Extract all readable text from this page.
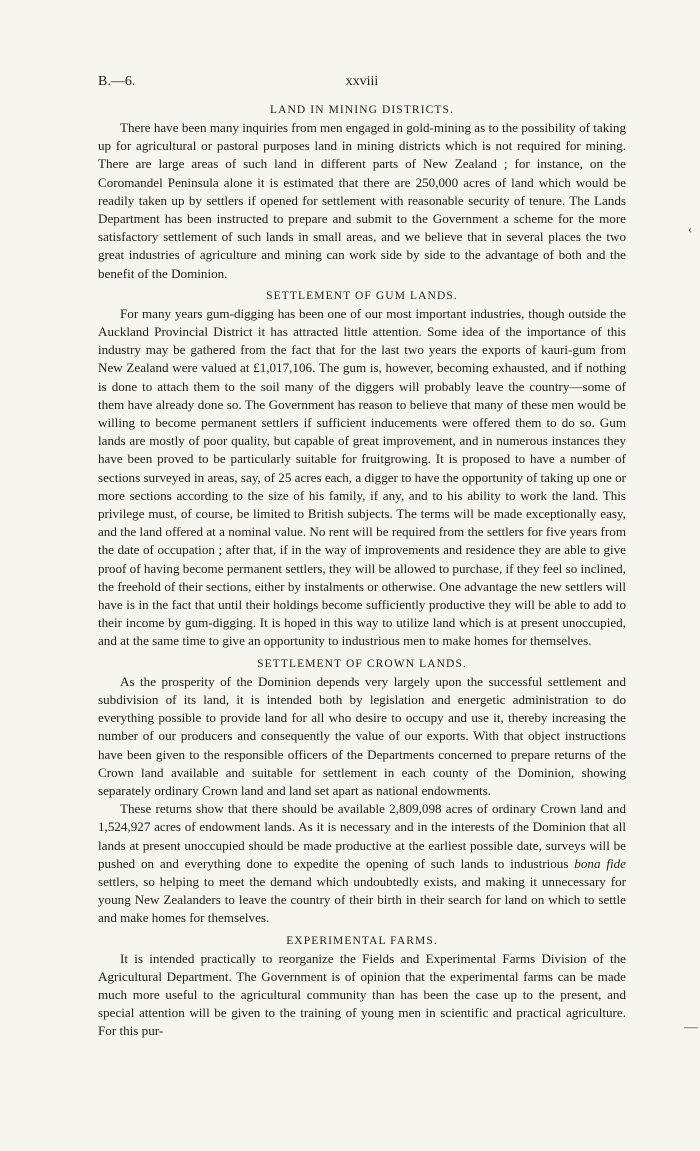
B.—6.	xxviii
LAND IN MINING DISTRICTS.

There have been many inquiries from men engaged in gold-mining as to the possibility of taking up for agricultural or pastoral purposes land in mining districts which is not required for mining. There are large areas of such land in different parts of New Zealand ; for instance, on the Coromandel Peninsula alone it is estimated that there are 250,000 acres of land which would be readily taken up by settlers if opened for settlement with reasonable security of tenure. The Lands Department has been instructed to prepare and submit to the Government a scheme for the more satisfactory settlement of such lands in small areas, and we believe that in several places the two great industries of agriculture and mining can work side by side to the advantage of both and the benefit of the Dominion.

SETTLEMENT OF GUM LANDS.

For many years gum-digging has been one of our most important industries, though outside the Auckland Provincial District it has attracted little attention. Some idea of the importance of this industry may be gathered from the fact that for the last two years the exports of kauri-gum from New Zealand were valued at £1,017,106. The gum is, however, becoming exhausted, and if nothing is done to attach them to the soil many of the diggers will probably leave the country—some of them have already done so. The Government has reason to believe that many of these men would be willing to become permanent settlers if sufficient inducements were offered them to do so. Gum lands are mostly of poor quality, but capable of great improvement, and in numerous instances they have been proved to be particularly suitable for fruitgrowing. It is proposed to have a number of sections surveyed in areas, say, of 25 acres each, a digger to have the opportunity of taking up one or more sections according to the size of his family, if any, and to his ability to work the land. This privilege must, of course, be limited to British subjects. The terms will be made exceptionally easy, and the land offered at a nominal value. No rent will be required from the settlers for five years from the date of occupation ; after that, if in the way of improvements and residence they are able to give proof of having become permanent settlers, they will be allowed to purchase, if they feel so inclined, the freehold of their sections, either by instalments or otherwise. One advantage the new settlers will have is in the fact that until their holdings become sufficiently productive they will be able to add to their income by gum-digging. It is hoped in this way to utilize land which is at present unoccupied, and at the same time to give an opportunity to industrious men to make homes for themselves.

SETTLEMENT OF CROWN LANDS.

As the prosperity of the Dominion depends very largely upon the successful settlement and subdivision of its land, it is intended both by legislation and energetic administration to do everything possible to provide land for all who desire to occupy and use it, thereby increasing the number of our producers and consequently the value of our exports. With that object instructions have been given to the responsible officers of the Departments concerned to prepare returns of the Crown land available and suitable for settlement in each county of the Dominion, showing separately ordinary Crown land and land set apart as national endowments.

These returns show that there should be available 2,809,098 acres of ordinary Crown land and 1,524,927 acres of endowment lands. As it is necessary and in the interests of the Dominion that all lands at present unoccupied should be made productive at the earliest possible date, surveys will be pushed on and everything done to expedite the opening of such lands to industrious bona fide settlers, so helping to meet the demand which undoubtedly exists, and making it unnecessary for young New Zealanders to leave the country of their birth in their search for land on which to settle and make homes for themselves.

EXPERIMENTAL FARMS.

It is intended practically to reorganize the Fields and Experimental Farms Division of the Agricultural Department. The Government is of opinion that the experimental farms can be made much more useful to the agricultural community than has been the case up to the present, and special attention will be given to the training of young men in scientific and practical agriculture. For this pur-

‹
—
